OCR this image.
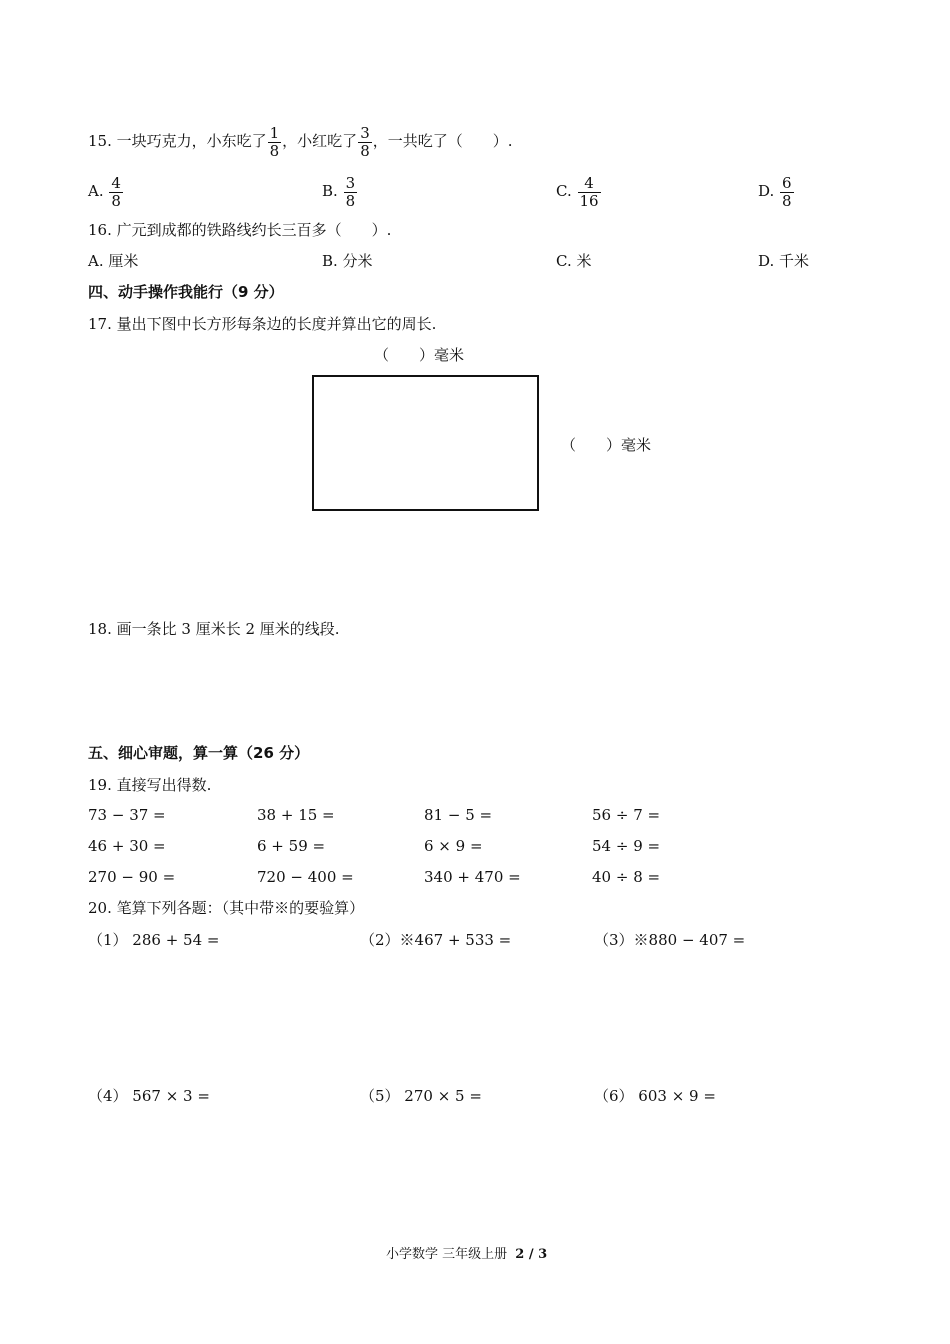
15. 一块巧克力，小东吃了 $\frac{1}{8}$ ，小红吃了 $\frac{3}{8}$ ，一共吃了（　　）.
A. $\frac{4}{8}$	B. $\frac{3}{8}$	C. $\frac{4}{16}$	D. $\frac{6}{8}$
16. 广元到成都的铁路线约长三百多（　　）.
A. 厘米	B. 分米	C. 米	D. 千米
四、动手操作我能行（9 分）
17. 量出下图中长方形每条边的长度并算出它的周长.
（　　）毫米
（　　）毫米
18. 画一条比 3 厘米长 2 厘米的线段.
五、细心审题，算一算（26 分）
19. 直接写出得数.
73 − 37 =	38 + 15 =	81 − 5 =	56 ÷ 7 =
46 + 30 =	6 + 59 =	6 × 9 =	54 ÷ 9 =
270 − 90 =	720 − 400 =	340 + 470 =	40 ÷ 8 =
20. 笔算下列各题：（其中带※的要验算）
（1） 286 + 54 =	（2）※467 + 533 =	（3）※880 − 407 =
（4） 567 × 3 =	（5） 270 × 5 =	（6） 603 × 9 =
小学数学 三年级上册 2 / 3
